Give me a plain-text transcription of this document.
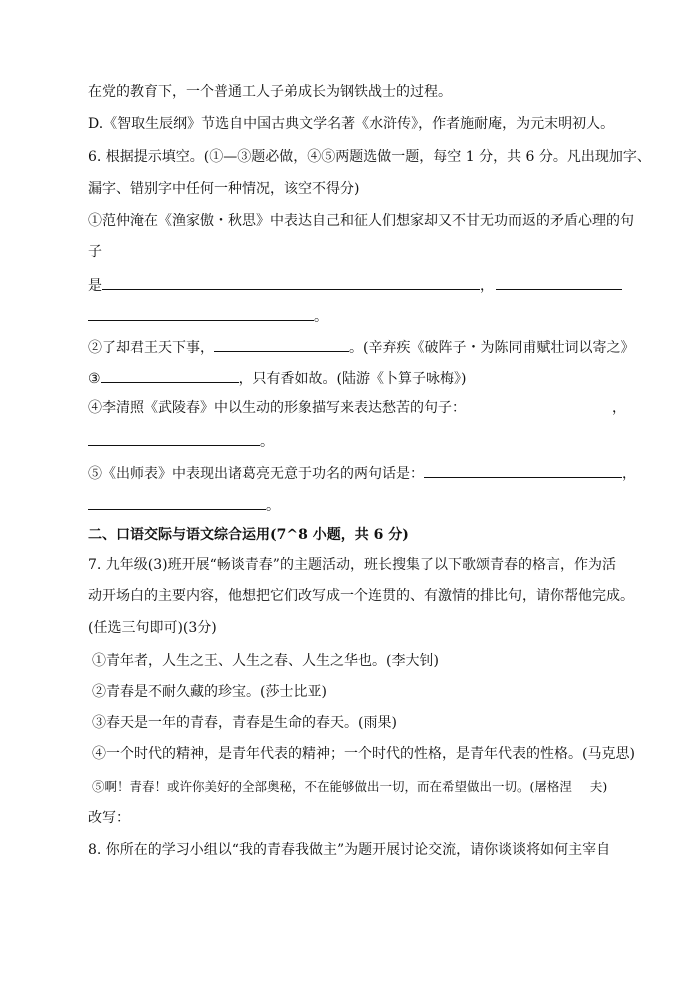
在党的教育下，一个普通工人子弟成长为钢铁战士的过程。
D.《智取生辰纲》节选自中国古典文学名著《水浒传》，作者施耐庵，为元末明初人。
6. 根据提示填空。(①—③题必做，④⑤两题选做一题，每空 1 分，共 6 分。凡出现加字、
漏字、错别字中任何一种情况，该空不得分)
①范仲淹在《渔家傲・秋思》中表达自己和征人们想家却又不甘无功而返的矛盾心理的句
子
是	，
。
②了却君王天下事，	。(辛弃疾《破阵子・为陈同甫赋壮词以寄之》
③	，只有香如故。(陆游《卜算子咏梅》)
④李清照《武陵春》中以生动的形象描写来表达愁苦的句子：	，
。
⑤《出师表》中表现出诸葛亮无意于功名的两句话是：	，
。
二、口语交际与语文综合运用(7^8 小题，共 6 分)
7. 九年级(3)班开展“畅谈青春”的主题活动，班长搜集了以下歌颂青春的格言，作为活
动开场白的主要内容，他想把它们改写成一个连贯的、有激情的排比句，请你帮他完成。
(任选三句即可)(3分)
①青年者，人生之王、人生之春、人生之华也。(李大钊)
②青春是不耐久藏的珍宝。(莎士比亚)
③春天是一年的青春，青春是生命的春天。(雨果)
④一个时代的精神，是青年代表的精神；一个时代的性格，是青年代表的性格。(马克思)
⑤啊！青春！或许你美好的全部奥秘，不在能够做出一切，而在希望做出一切。(屠格涅 夫)
改写：
8. 你所在的学习小组以“我的青春我做主”为题开展讨论交流，请你谈谈将如何主宰自
